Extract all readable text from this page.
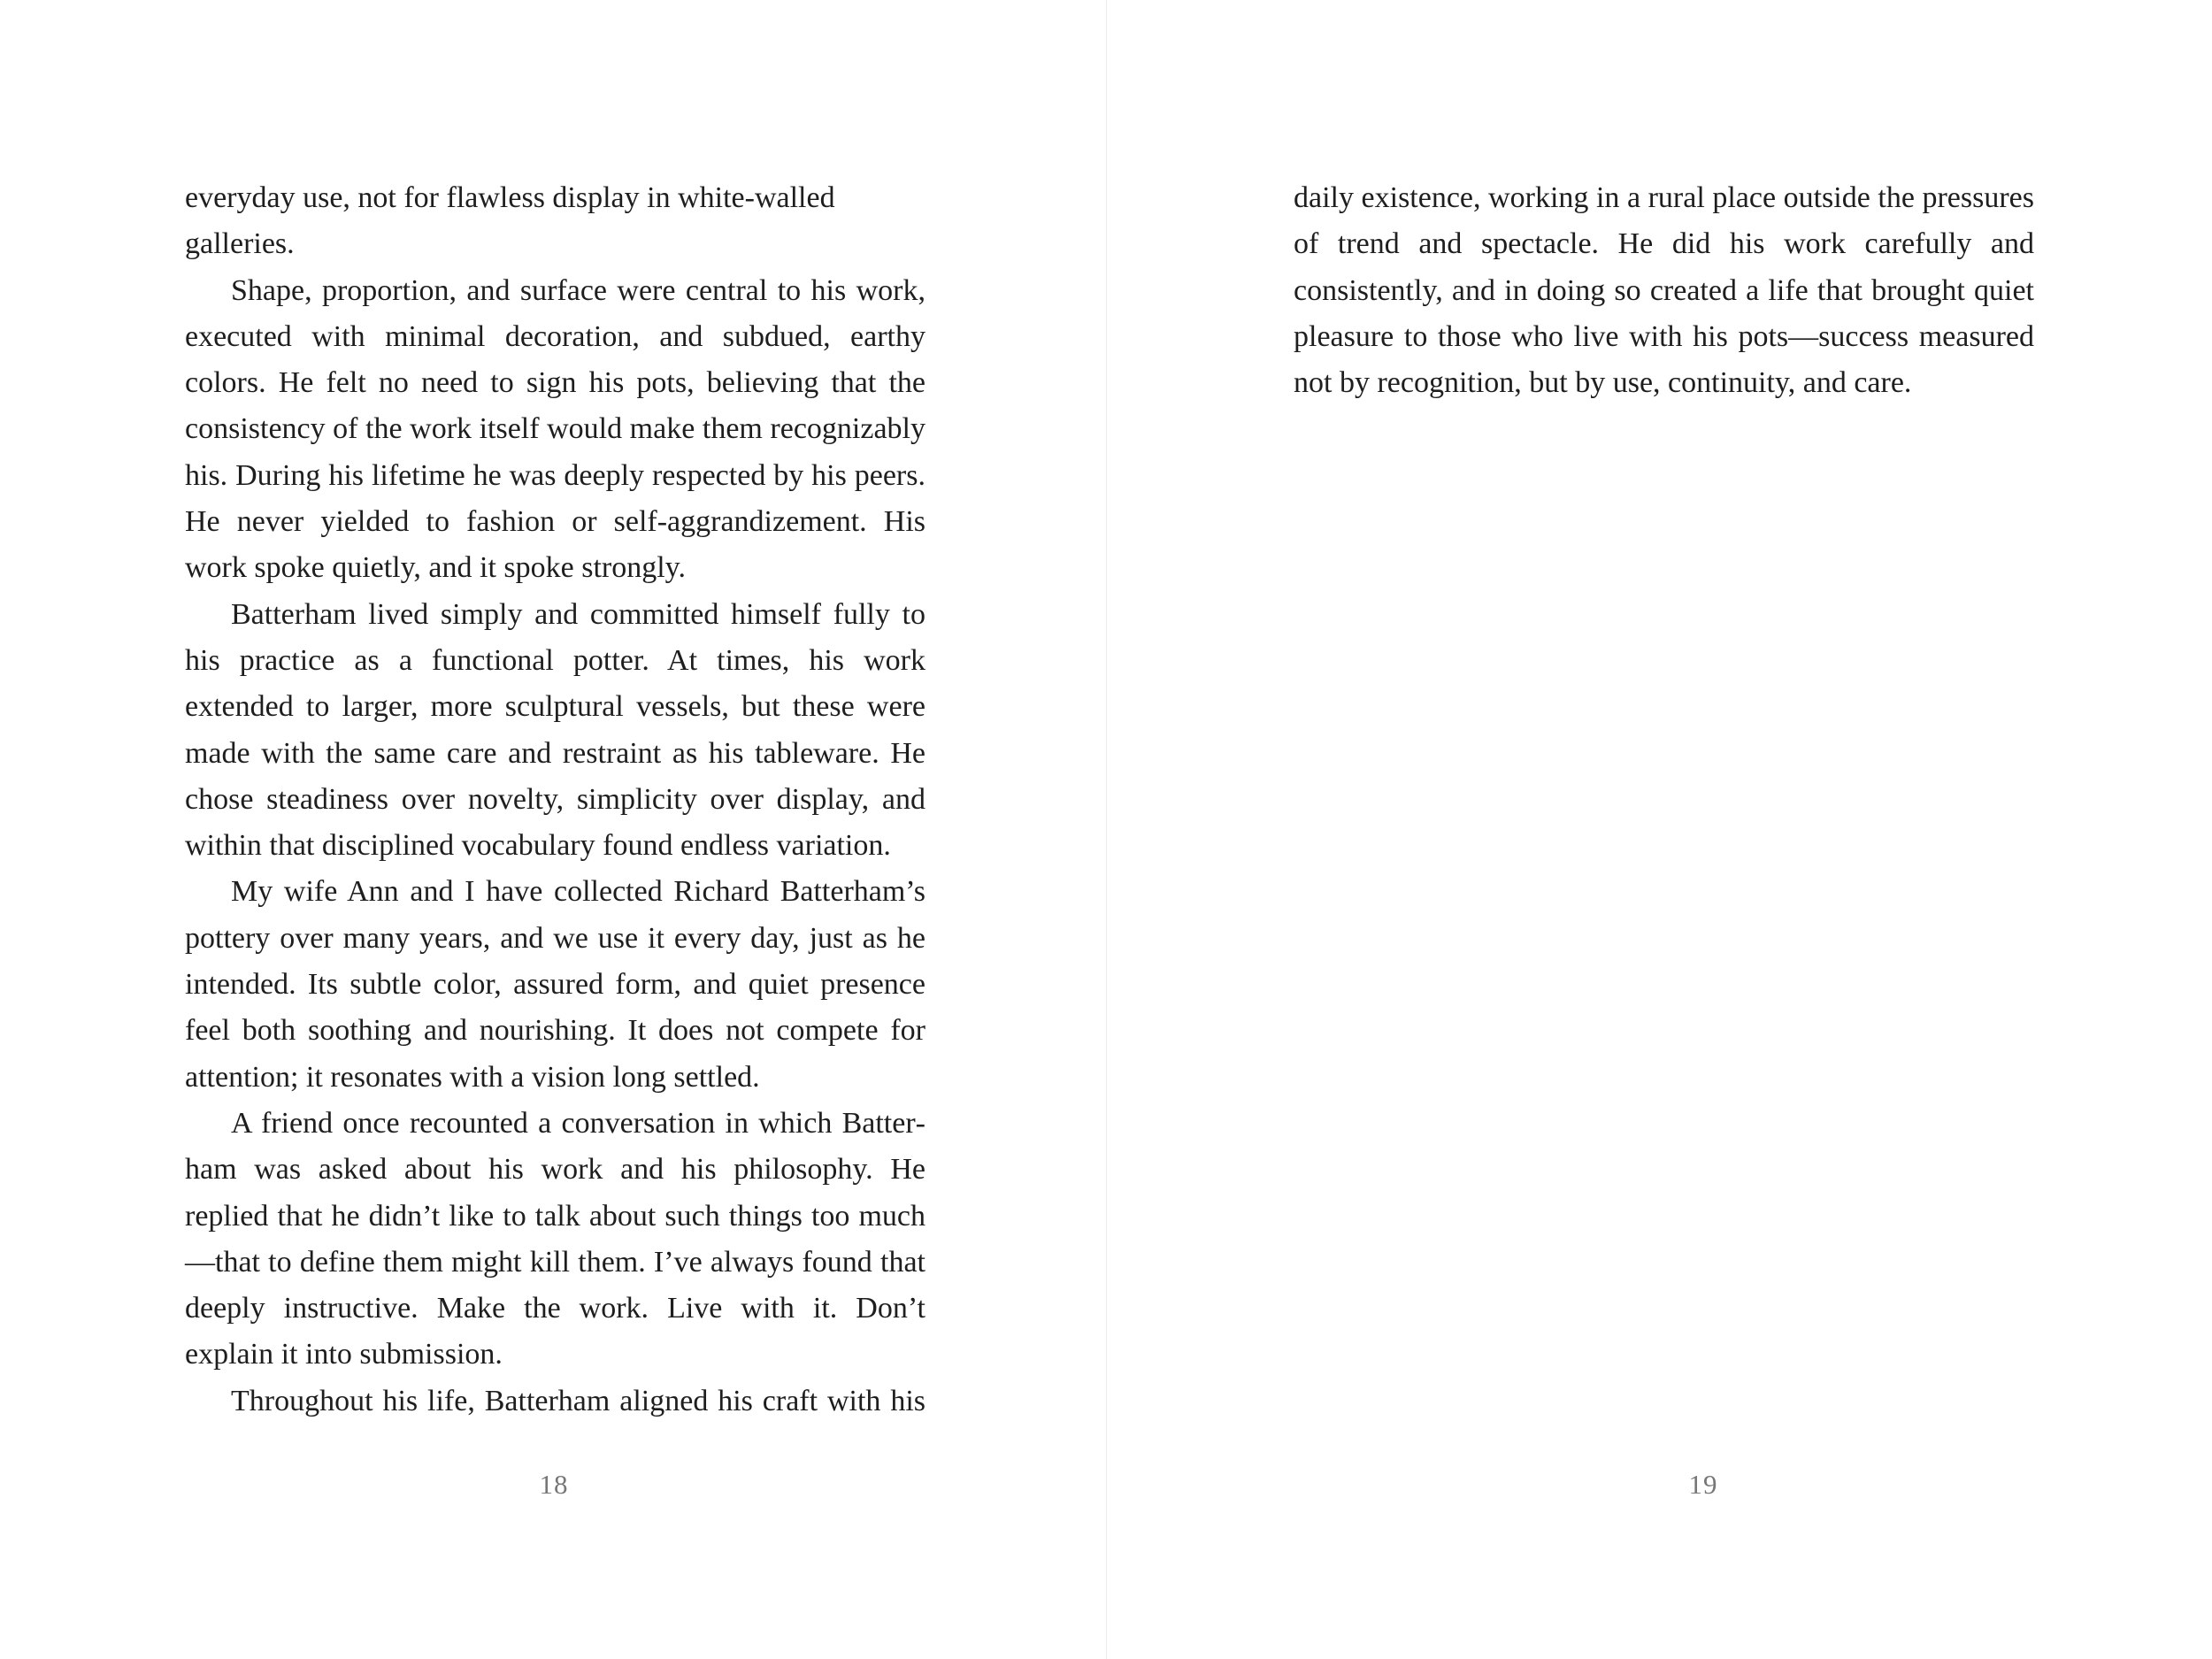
everyday use, not for flawless display in white-walled galleries.

Shape, proportion, and surface were central to his work, executed with minimal decoration, and subdued, earthy colors. He felt no need to sign his pots, believing that the consistency of the work itself would make them recognizably his. During his lifetime he was deeply respected by his peers. He never yielded to fashion or self-aggrandizement. His work spoke quietly, and it spoke strongly.

Batterham lived simply and committed himself fully to his practice as a functional potter. At times, his work extended to larger, more sculptural vessels, but these were made with the same care and restraint as his tableware. He chose steadiness over novelty, simplicity over display, and within that disciplined vocabulary found endless variation.

My wife Ann and I have collected Richard Batterham’s pottery over many years, and we use it every day, just as he intended. Its subtle color, assured form, and quiet presence feel both soothing and nourishing. It does not compete for attention; it resonates with a vision long settled.

A friend once recounted a conversation in which Batterham was asked about his work and his philosophy. He replied that he didn’t like to talk about such things too much—that to define them might kill them. I’ve always found that deeply instructive. Make the work. Live with it. Don’t explain it into submission.

Throughout his life, Batterham aligned his craft with his

18

daily existence, working in a rural place outside the pressures of trend and spectacle. He did his work carefully and consistently, and in doing so created a life that brought quiet pleasure to those who live with his pots—success measured not by recognition, but by use, continuity, and care.

19
